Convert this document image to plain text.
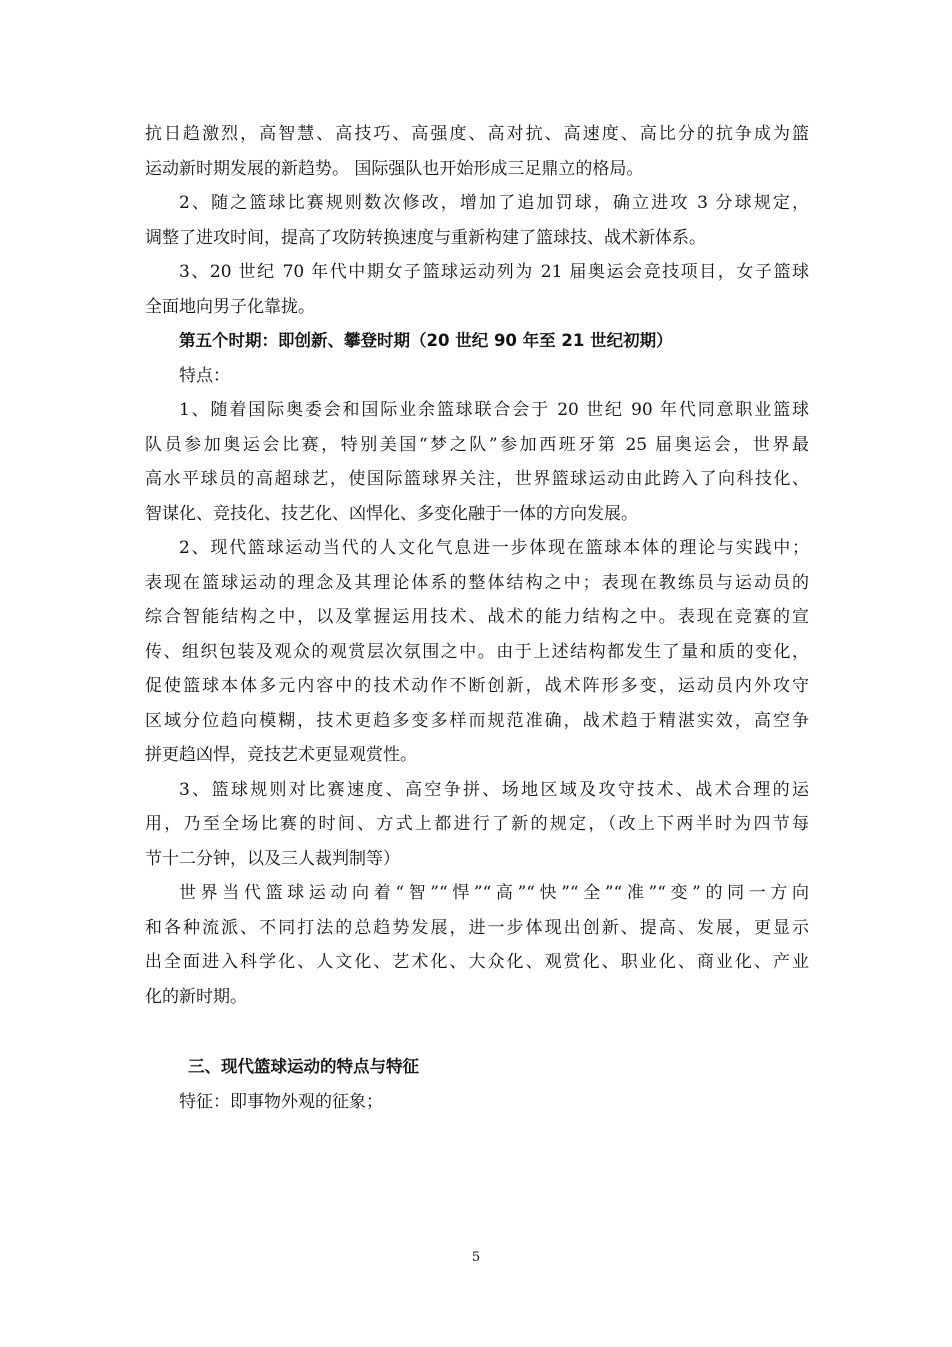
抗日趋激烈，高智慧、高技巧、高强度、高对抗、高速度、高比分的抗争成为篮
运动新时期发展的新趋势。 国际强队也开始形成三足鼎立的格局。
2、随之篮球比赛规则数次修改，增加了追加罚球，确立进攻 3 分球规定，
调整了进攻时间，提高了攻防转换速度与重新构建了篮球技、战术新体系。
3、20 世纪 70 年代中期女子篮球运动列为 21 届奥运会竞技项目，女子篮球
全面地向男子化靠拢。
第五个时期：即创新、攀登时期（20 世纪 90 年至 21 世纪初期）
特点：
1、随着国际奥委会和国际业余篮球联合会于 20 世纪 90 年代同意职业篮球
队员参加奥运会比赛，特别美国“梦之队”参加西班牙第 25 届奥运会，世界最
高水平球员的高超球艺，使国际篮球界关注，世界篮球运动由此跨入了向科技化、
智谋化、竞技化、技艺化、凶悍化、多变化融于一体的方向发展。
2、现代篮球运动当代的人文化气息进一步体现在篮球本体的理论与实践中；
表现在篮球运动的理念及其理论体系的整体结构之中；表现在教练员与运动员的
综合智能结构之中，以及掌握运用技术、战术的能力结构之中。表现在竞赛的宣
传、组织包装及观众的观赏层次氛围之中。由于上述结构都发生了量和质的变化，
促使篮球本体多元内容中的技术动作不断创新，战术阵形多变，运动员内外攻守
区域分位趋向模糊，技术更趋多变多样而规范准确，战术趋于精湛实效，高空争
拼更趋凶悍，竞技艺术更显观赏性。
3、篮球规则对比赛速度、高空争拼、场地区域及攻守技术、战术合理的运
用，乃至全场比赛的时间、方式上都进行了新的规定，（改上下两半时为四节每
节十二分钟，以及三人裁判制等）
世界当代篮球运动向着“智”“悍”“高”“快”“全”“准”“变”的同一方向
和各种流派、不同打法的总趋势发展，进一步体现出创新、提高、发展，更显示
出全面进入科学化、人文化、艺术化、大众化、观赏化、职业化、商业化、产业
化的新时期。
三、现代篮球运动的特点与特征
特征：即事物外观的征象；
5
